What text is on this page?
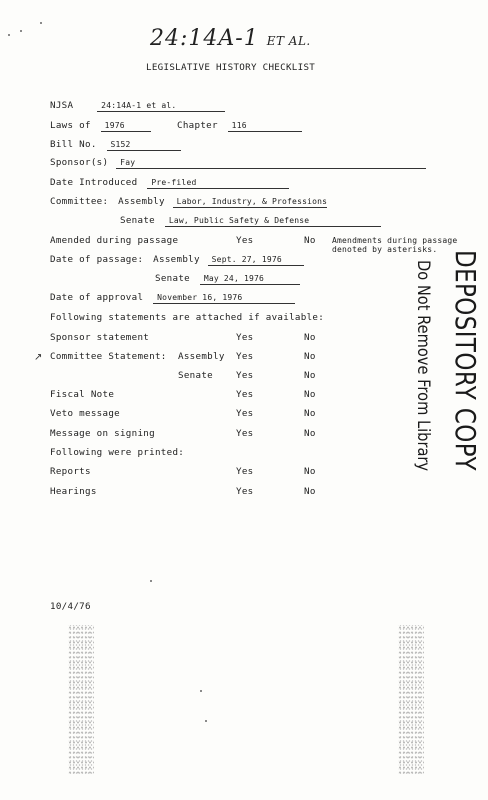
24:14A-1 ET AL.
LEGISLATIVE HISTORY CHECKLIST
NJSA	24:14A-1 et al.
Laws of 1976	Chapter 116
Bill No. S152
Sponsor(s) Fay
Date Introduced Pre-filed
Committee: Assembly Labor, Industry, & Professions
Senate Law, Public Safety & Defense
Amended during passage	Yes	No Amendments during passage
denoted by asterisks.
Date of passage: Assembly Sept. 27, 1976
Senate May 24, 1976
Date of approval November 16, 1976
Following statements are attached if available:
Sponsor statement	Yes	No
↗ Committee Statement: Assembly Yes	No
Senate	Yes	No
Fiscal Note	Yes	No
Veto message	Yes	No
Message on signing	Yes	No
Following were printed:
Reports	Yes	No
Hearings	Yes	No
DEPOSITORY COPY
Do Not Remove From Library
10/4/76
